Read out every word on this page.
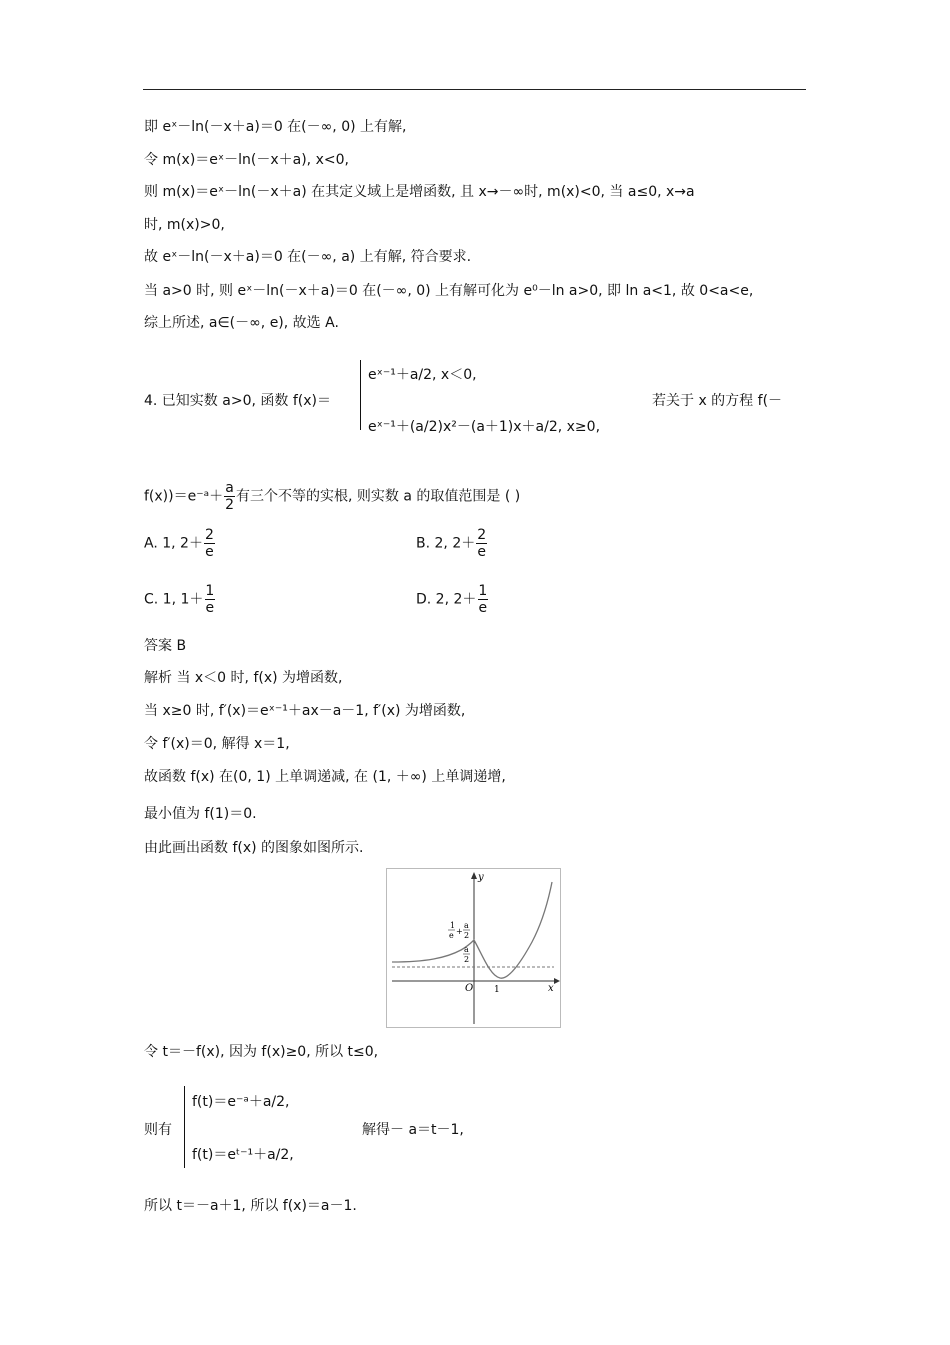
即 eˣ－ln(－x＋a)＝0 在(－∞, 0) 上有解,
令 m(x)＝eˣ－ln(－x＋a), x<0,
则 m(x)＝eˣ－ln(－x＋a) 在其定义域上是增函数, 且 x→－∞时, m(x)<0, 当 a≤0, x→a
时, m(x)>0,
故 eˣ－ln(－x＋a)＝0 在(－∞, a) 上有解, 符合要求.
当 a>0 时, 则 eˣ－ln(－x＋a)＝0 在(－∞, 0) 上有解可化为 e⁰－ln a>0, 即 ln a<1, 故 0<a<e,
综上所述, a∈(－∞, e), 故选 A.
4. 已知实数 a>0, 函数 f(x)＝
eˣ⁻¹＋a/2, x＜0,
eˣ⁻¹＋(a/2)x²－(a＋1)x＋a/2, x≥0,
若关于 x 的方程 f(－
f(x))＝e⁻ᵃ＋ $\frac{a}{2}$ 有三个不等的实根, 则实数 a 的取值范围是 ( )
A. 1, $2+ \frac{2}{e}$	B. 2, $2+ \frac{2}{e}$
C. 1, $1+ \frac{1}{e}$	D. 2, $2+ \frac{1}{e}$
答案 B
解析 当 x＜0 时, f(x) 为增函数,
当 x≥0 时, f′(x)＝eˣ⁻¹＋ax－a－1, f′(x) 为增函数,
令 f′(x)＝0, 解得 x＝1,
故函数 f(x) 在(0, 1) 上单调递减, 在 (1, ＋∞) 上单调递增,
最小值为 f(1)＝0.
由此画出函数 f(x) 的图象如图所示.
y
x
O 1
1
e +
a
2
a
2
令 t＝－f(x), 因为 f(x)≥0, 所以 t≤0,
则有
f(t)＝e⁻ᵃ＋a/2,
f(t)＝eᵗ⁻¹＋a/2,
解得－ a＝t－1,
所以 t＝－a＋1, 所以 f(x)＝a－1.
